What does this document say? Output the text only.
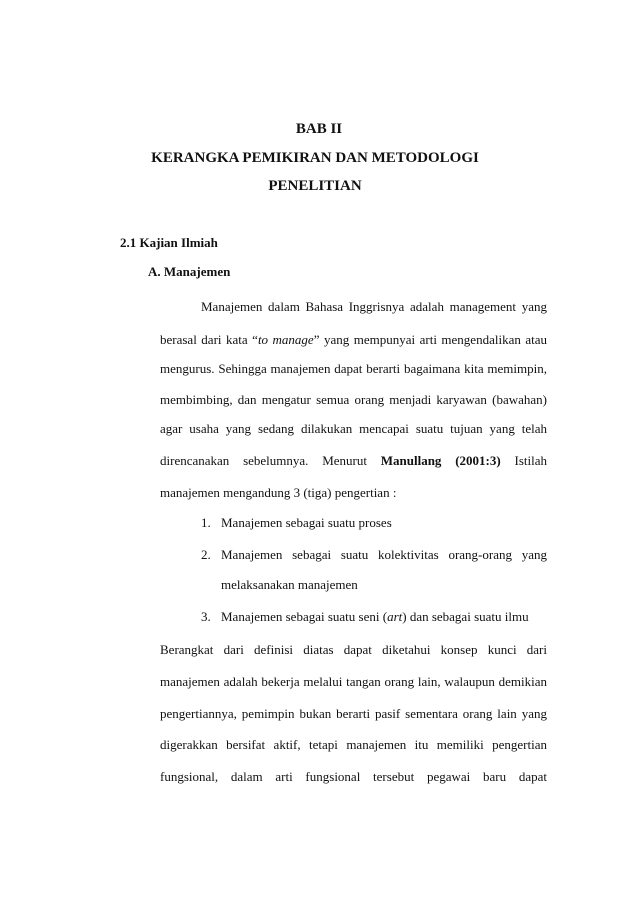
BAB II
KERANGKA PEMIKIRAN DAN METODOLOGI
PENELITIAN
2.1 Kajian Ilmiah
A. Manajemen
Manajemen dalam Bahasa Inggrisnya adalah management yang
berasal dari kata “to manage” yang mempunyai arti mengendalikan atau
mengurus. Sehingga manajemen dapat berarti bagaimana kita memimpin,
membimbing, dan mengatur semua orang menjadi karyawan (bawahan)
agar usaha yang sedang dilakukan mencapai suatu tujuan yang telah
direncanakan sebelumnya. Menurut Manullang (2001:3) Istilah
manajemen mengandung 3 (tiga) pengertian :
1. Manajemen sebagai suatu proses
2. Manajemen sebagai suatu kolektivitas orang-orang yang
melaksanakan manajemen
3. Manajemen sebagai suatu seni (art) dan sebagai suatu ilmu
Berangkat dari definisi diatas dapat diketahui konsep kunci dari
manajemen adalah bekerja melalui tangan orang lain, walaupun demikian
pengertiannya, pemimpin bukan berarti pasif sementara orang lain yang
digerakkan bersifat aktif, tetapi manajemen itu memiliki pengertian
fungsional, dalam arti fungsional tersebut pegawai baru dapat
